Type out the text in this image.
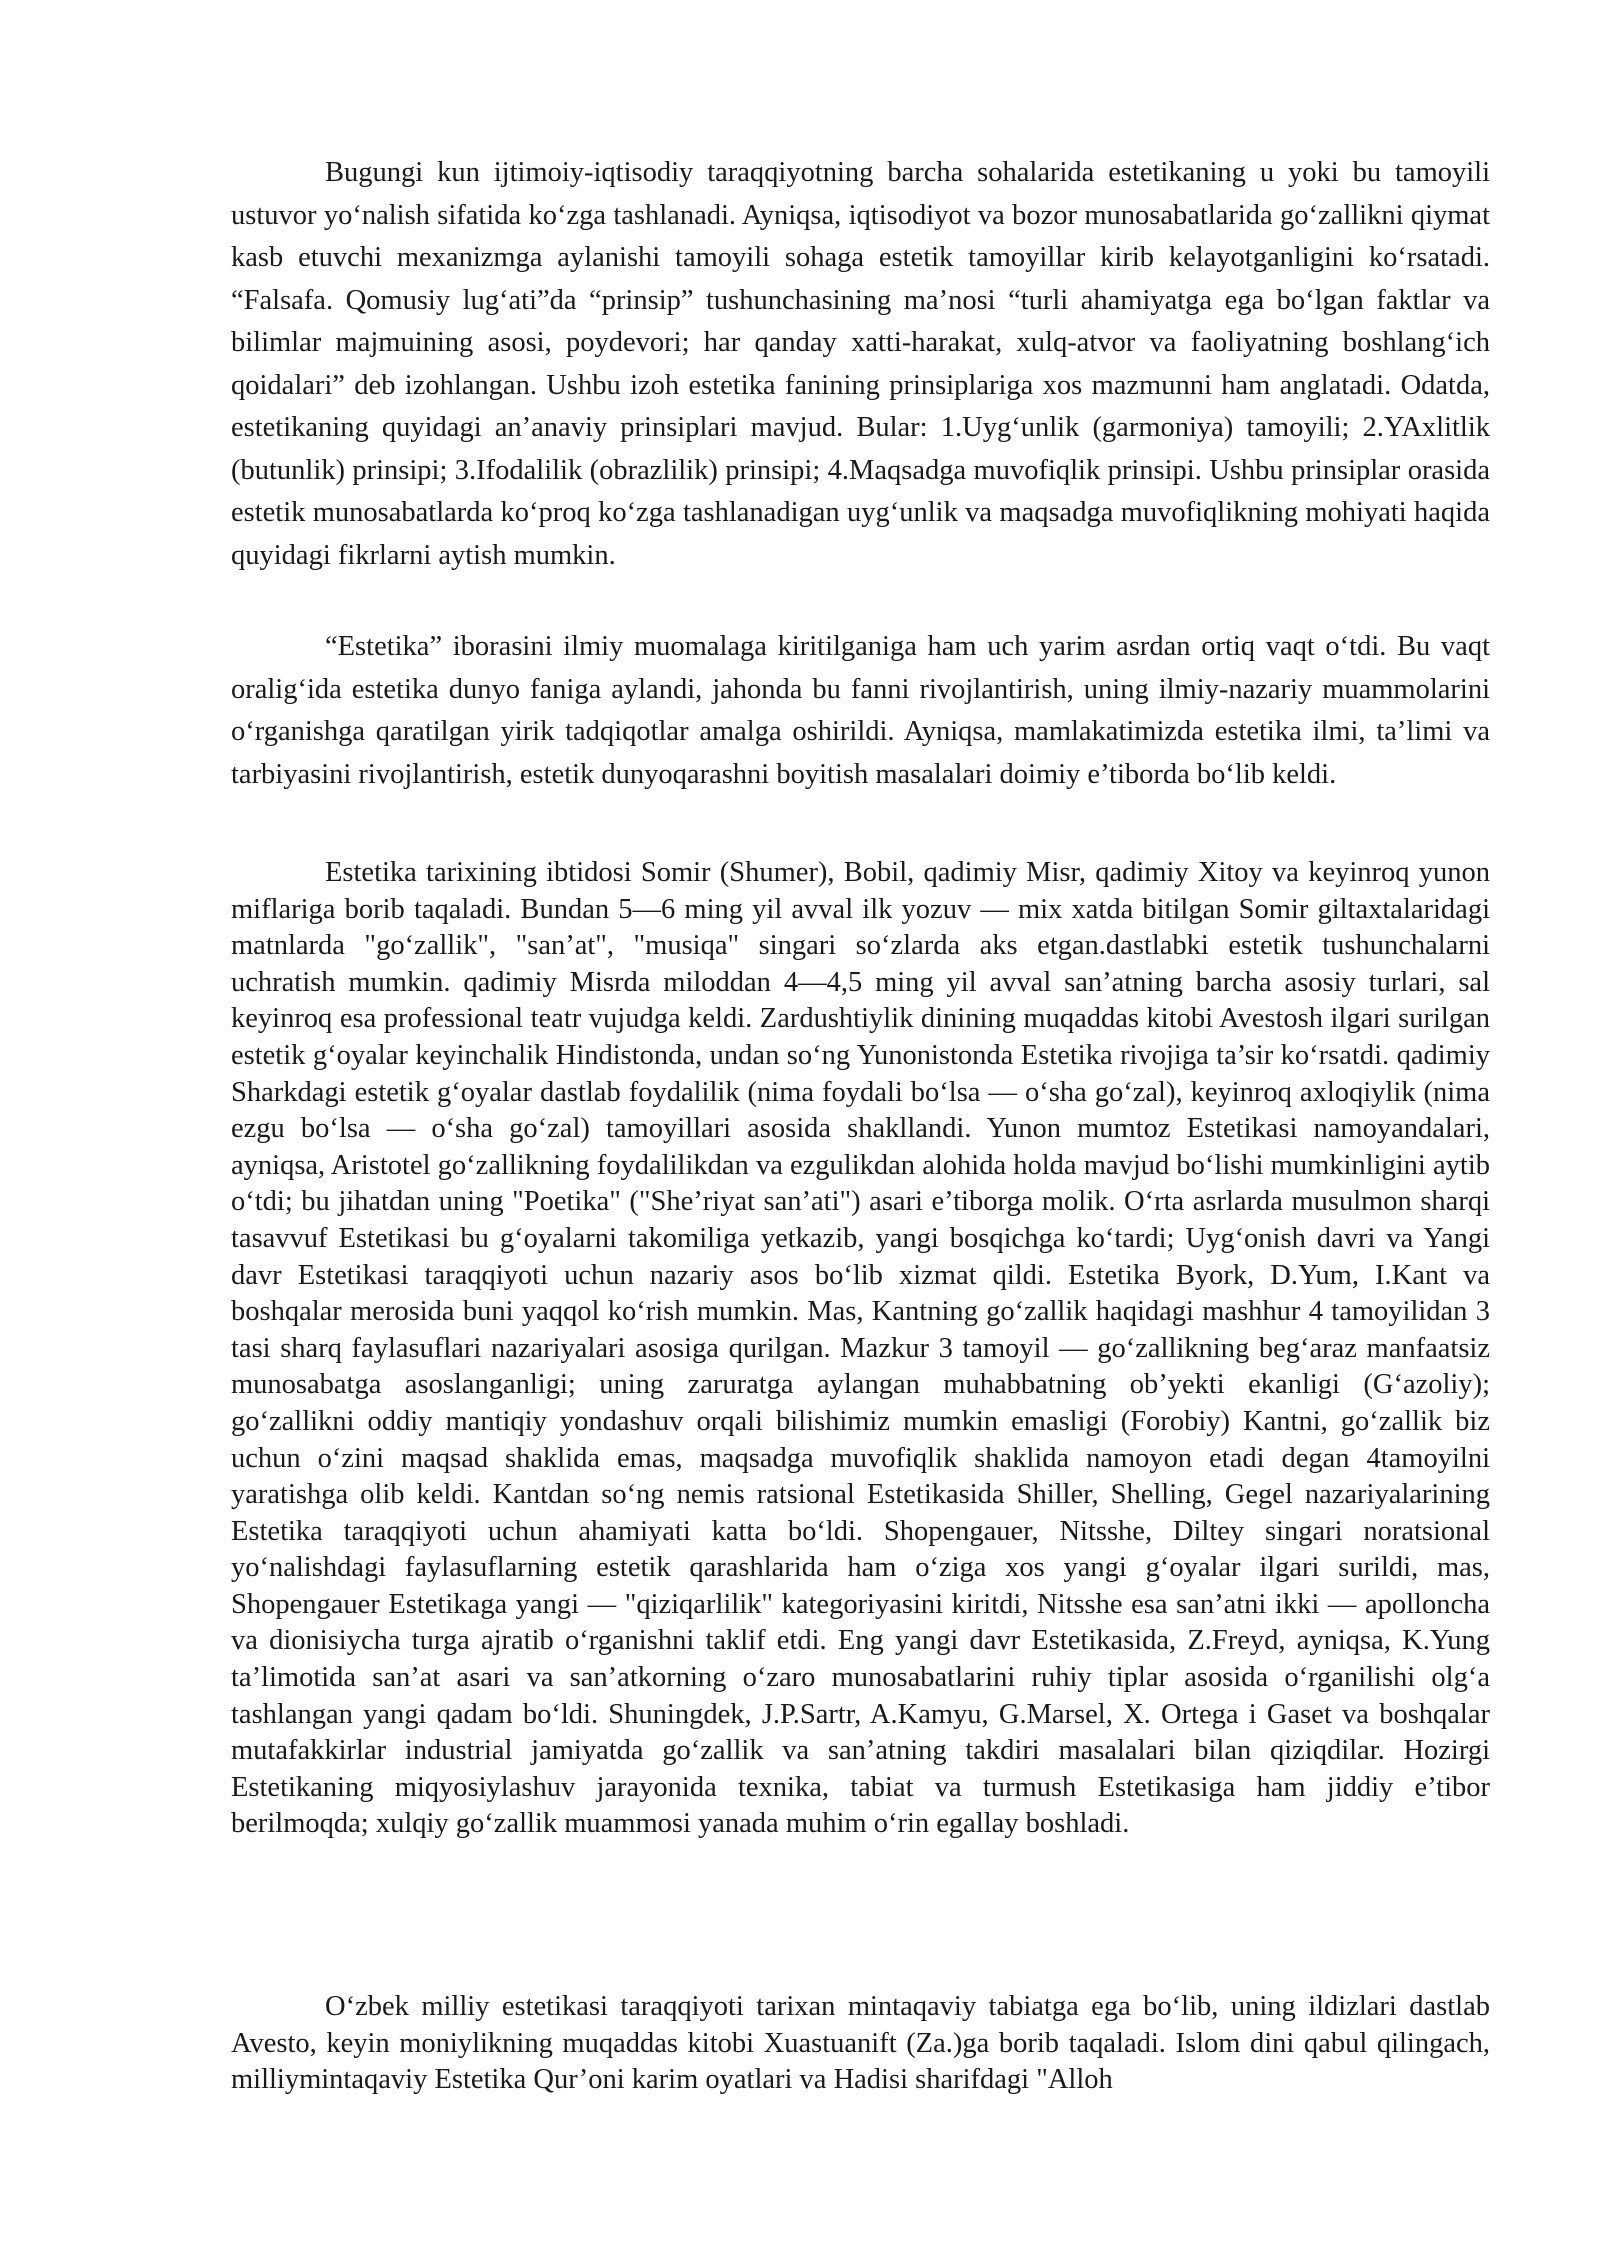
Bugungi kun ijtimoiy-iqtisodiy taraqqiyotning barcha sohalarida estetikaning u yoki bu tamoyili ustuvor yo‘nalish sifatida ko‘zga tashlanadi. Ayniqsa, iqtisodiyot va bozor munosabatlarida go‘zallikni qiymat kasb etuvchi mexanizmga aylanishi tamoyili sohaga estetik tamoyillar kirib kelayotganligini ko‘rsatadi. “Falsafa. Qomusiy lug‘ati”da “prinsip” tushunchasining ma’nosi “turli ahamiyatga ega bo‘lgan faktlar va bilimlar majmuining asosi, poydevori; har qanday xatti-harakat, xulq-atvor va faoliyatning boshlang‘ich qoidalari” deb izohlangan. Ushbu izoh estetika fanining prinsiplariga xos mazmunni ham anglatadi. Odatda, estetikaning quyidagi an’anaviy prinsiplari mavjud. Bular: 1.Uyg‘unlik (garmoniya) tamoyili; 2.YAxlitlik (butunlik) prinsipi; 3.Ifodalilik (obrazlilik) prinsipi; 4.Maqsadga muvofiqlik prinsipi. Ushbu prinsiplar orasida estetik munosabatlarda ko‘proq ko‘zga tashlanadigan uyg‘unlik va maqsadga muvofiqlikning mohiyati haqida quyidagi fikrlarni aytish mumkin.

“Estetika” iborasini ilmiy muomalaga kiritilganiga ham uch yarim asrdan ortiq vaqt o‘tdi. Bu vaqt oralig‘ida estetika dunyo faniga aylandi, jahonda bu fanni rivojlantirish, uning ilmiy-nazariy muammolarini o‘rganishga qaratilgan yirik tadqiqotlar amalga oshirildi. Ayniqsa, mamlakatimizda estetika ilmi, ta’limi va tarbiyasini rivojlantirish, estetik dunyoqarashni boyitish masalalari doimiy e’tiborda bo‘lib keldi.

Estetika tarixining ibtidosi Somir (Shumer), Bobil, qadimiy Misr, qadimiy Xitoy va keyinroq yunon miflariga borib taqaladi. Bundan 5—6 ming yil avval ilk yozuv — mix xatda bitilgan Somir giltaxtalaridagi matnlarda "go‘zallik", "san’at", "musiqa" singari so‘zlarda aks etgan.dastlabki estetik tushunchalarni uchratish mumkin. qadimiy Misrda miloddan 4—4,5 ming yil avval san’atning barcha asosiy turlari, sal keyinroq esa professional teatr vujudga keldi. Zardushtiylik dinining muqaddas kitobi Avestosh ilgari surilgan estetik g‘oyalar keyinchalik Hindistonda, undan so‘ng Yunonistonda Estetika rivojiga ta’sir ko‘rsatdi. qadimiy Sharkdagi estetik g‘oyalar dastlab foydalilik (nima foydali bo‘lsa — o‘sha go‘zal), keyinroq axloqiylik (nima ezgu bo‘lsa — o‘sha go‘zal) tamoyillari asosida shakllandi. Yunon mumtoz Estetikasi namoyandalari, ayniqsa, Aristotel go‘zallikning foydalilikdan va ezgulikdan alohida holda mavjud bo‘lishi mumkinligini aytib o‘tdi; bu jihatdan uning "Poetika" ("She’riyat san’ati") asari e’tiborga molik. O‘rta asrlarda musulmon sharqi tasavvuf Estetikasi bu g‘oyalarni takomiliga yetkazib, yangi bosqichga ko‘tardi; Uyg‘onish davri va Yangi davr Estetikasi taraqqiyoti uchun nazariy asos bo‘lib xizmat qildi. Estetika Byork, D.Yum, I.Kant va boshqalar merosida buni yaqqol ko‘rish mumkin. Mas, Kantning go‘zallik haqidagi mashhur 4 tamoyilidan 3 tasi sharq faylasuflari nazariyalari asosiga qurilgan. Mazkur 3 tamoyil — go‘zallikning beg‘araz manfaatsiz munosabatga asoslanganligi; uning zaruratga aylangan muhabbatning ob’yekti ekanligi (G‘azoliy); go‘zallikni oddiy mantiqiy yondashuv orqali bilishimiz mumkin emasligi (Forobiy) Kantni, go‘zallik biz uchun o‘zini maqsad shaklida emas, maqsadga muvofiqlik shaklida namoyon etadi degan 4tamoyilni yaratishga olib keldi. Kantdan so‘ng nemis ratsional Estetikasida Shiller, Shelling, Gegel nazariyalarining Estetika taraqqiyoti uchun ahamiyati katta bo‘ldi. Shopengauer, Nitsshe, Diltey singari noratsional yo‘nalishdagi faylasuflarning estetik qarashlarida ham o‘ziga xos yangi g‘oyalar ilgari surildi, mas, Shopengauer Estetikaga yangi — "qiziqarlilik" kategoriyasini kiritdi, Nitsshe esa san’atni ikki — apolloncha va dionisiycha turga ajratib o‘rganishni taklif etdi. Eng yangi davr Estetikasida, Z.Freyd, ayniqsa, K.Yung ta’limotida san’at asari va san’atkorning o‘zaro munosabatlarini ruhiy tiplar asosida o‘rganilishi olg‘a tashlangan yangi qadam bo‘ldi. Shuningdek, J.P.Sartr, A.Kamyu, G.Marsel, X. Ortega i Gaset va boshqalar mutafakkirlar industrial jamiyatda go‘zallik va san’atning takdiri masalalari bilan qiziqdilar. Hozirgi Estetikaning miqyosiylashuv jarayonida texnika, tabiat va turmush Estetikasiga ham jiddiy e’tibor berilmoqda; xulqiy go‘zallik muammosi yanada muhim o‘rin egallay boshladi.

O‘zbek milliy estetikasi taraqqiyoti tarixan mintaqaviy tabiatga ega bo‘lib, uning ildizlari dastlab Avesto, keyin moniylikning muqaddas kitobi Xuastuanift (Za.)ga borib taqaladi. Islom dini qabul qilingach, milliymintaqaviy Estetika Qur’oni karim oyatlari va Hadisi sharifdagi "Alloh
